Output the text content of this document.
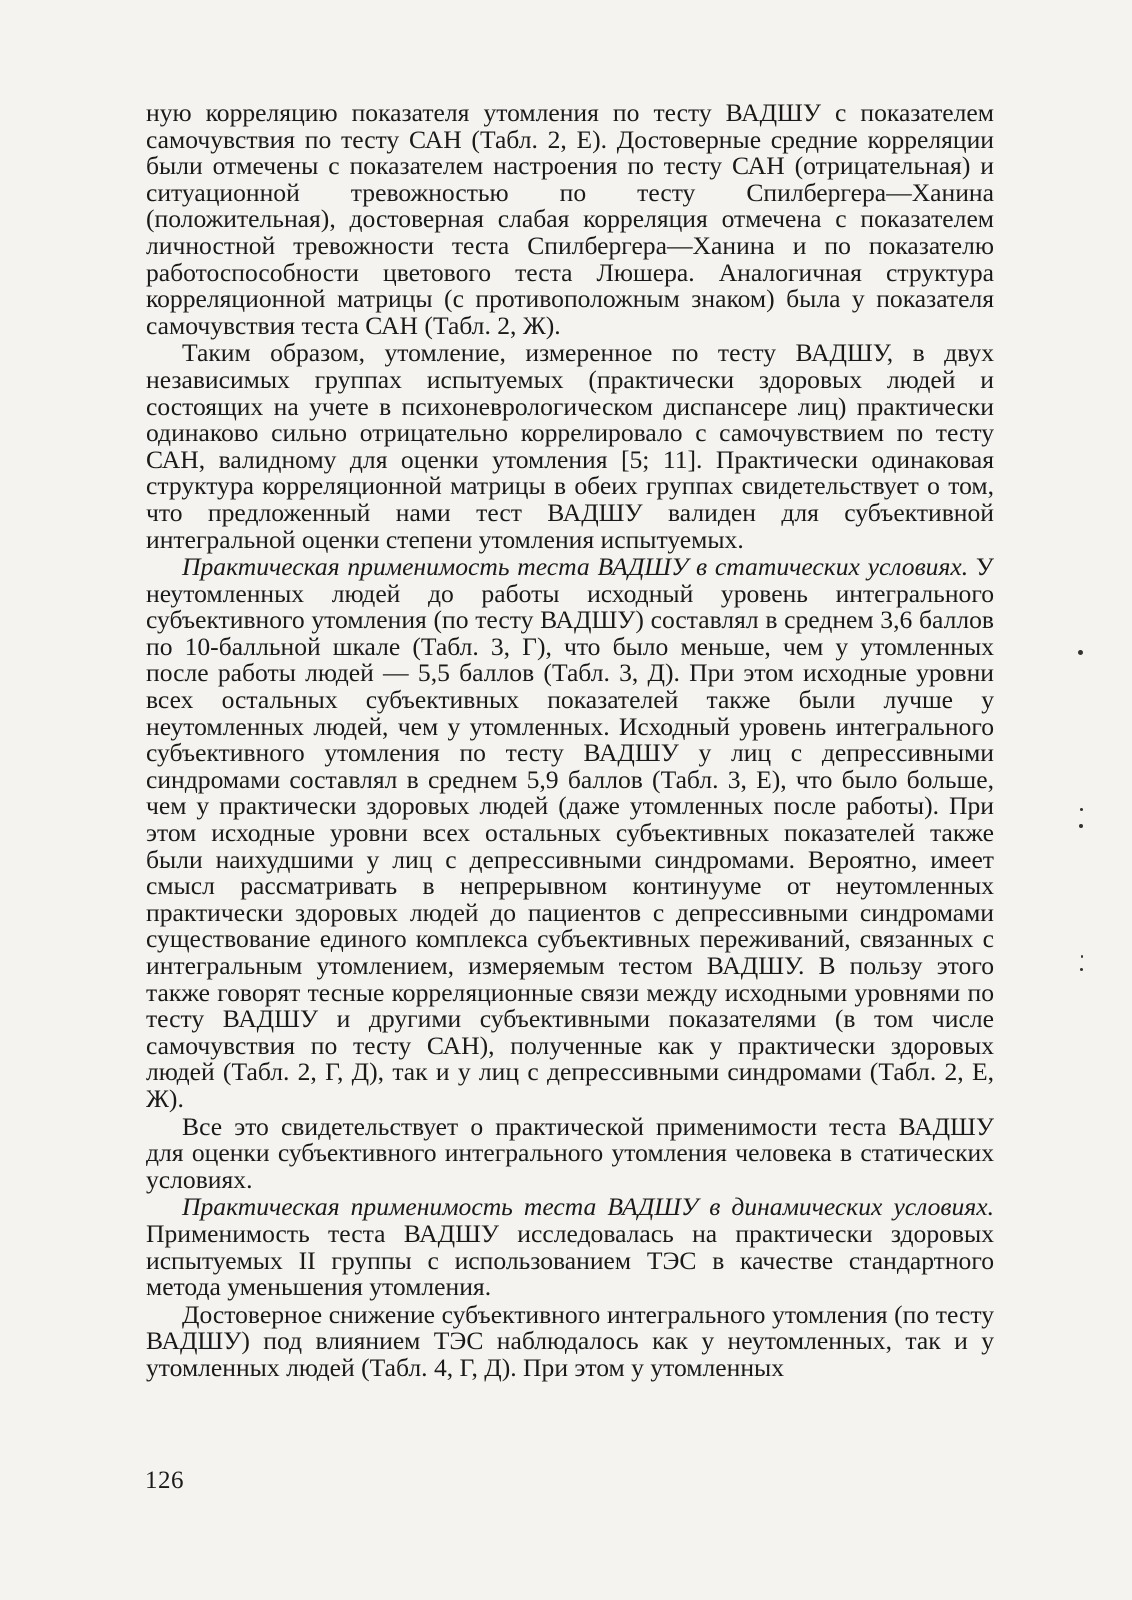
ную корреляцию показателя утомления по тесту ВАДШУ с показателем самочувствия по тесту САН (Табл. 2, Е). Достоверные средние корреляции были отмечены с показателем настроения по тесту САН (отрицательная) и ситуационной тревожностью по тесту Спилбергера—Ханина (положительная), достоверная слабая корреляция отмечена с показателем личностной тревожности теста Спилбергера—Ханина и по показателю работоспособности цветового теста Люшера. Аналогичная структура корреляционной матрицы (с противоположным знаком) была у показателя самочувствия теста САН (Табл. 2, Ж).

Таким образом, утомление, измеренное по тесту ВАДШУ, в двух независимых группах испытуемых (практически здоровых людей и состоящих на учете в психоневрологическом диспансере лиц) практически одинаково сильно отрицательно коррелировало с самочувствием по тесту САН, валидному для оценки утомления [5; 11]. Практически одинаковая структура корреляционной матрицы в обеих группах свидетельствует о том, что предложенный нами тест ВАДШУ валиден для субъективной интегральной оценки степени утомления испытуемых.

Практическая применимость теста ВАДШУ в статических условиях. У неутомленных людей до работы исходный уровень интегрального субъективного утомления (по тесту ВАДШУ) составлял в среднем 3,6 баллов по 10-балльной шкале (Табл. 3, Г), что было меньше, чем у утомленных после работы людей — 5,5 баллов (Табл. 3, Д). При этом исходные уровни всех остальных субъективных показателей также были лучше у неутомленных людей, чем у утомленных. Исходный уровень интегрального субъективного утомления по тесту ВАДШУ у лиц с депрессивными синдромами составлял в среднем 5,9 баллов (Табл. 3, Е), что было больше, чем у практически здоровых людей (даже утомленных после работы). При этом исходные уровни всех остальных субъективных показателей также были наихудшими у лиц с депрессивными синдромами. Вероятно, имеет смысл рассматривать в непрерывном континууме от неутомленных практически здоровых людей до пациентов с депрессивными синдромами существование единого комплекса субъективных переживаний, связанных с интегральным утомлением, измеряемым тестом ВАДШУ. В пользу этого также говорят тесные корреляционные связи между исходными уровнями по тесту ВАДШУ и другими субъективными показателями (в том числе самочувствия по тесту САН), полученные как у практически здоровых людей (Табл. 2, Г, Д), так и у лиц с депрессивными синдромами (Табл. 2, Е, Ж).

Все это свидетельствует о практической применимости теста ВАДШУ для оценки субъективного интегрального утомления человека в статических условиях.

Практическая применимость теста ВАДШУ в динамических условиях. Применимость теста ВАДШУ исследовалась на практически здоровых испытуемых II группы с использованием ТЭС в качестве стандартного метода уменьшения утомления.

Достоверное снижение субъективного интегрального утомления (по тесту ВАДШУ) под влиянием ТЭС наблюдалось как у неутомленных, так и у утомленных людей (Табл. 4, Г, Д). При этом у утомленных

126
